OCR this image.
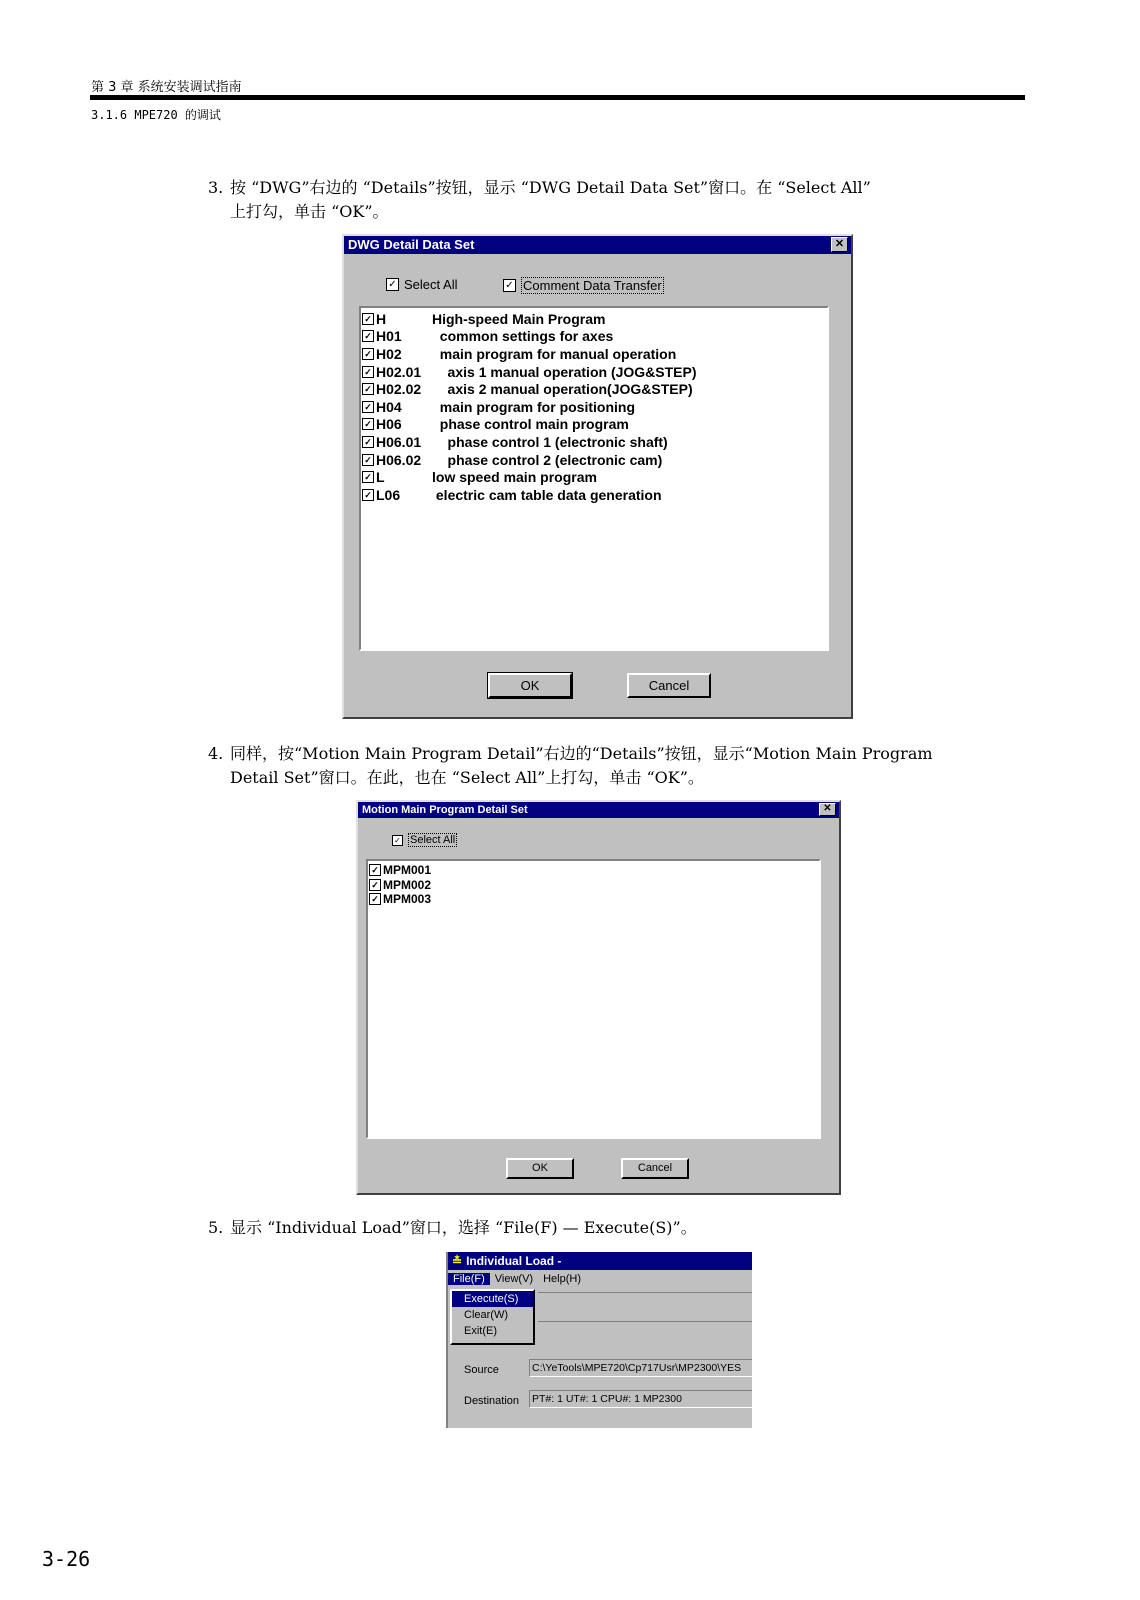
第 3 章 系统安装调试指南
3.1.6 MPE720 的调试
3. 按 “DWG”右边的 “Details”按钮，显示 “DWG Detail Data Set”窗口。在 “Select All”
上打勾，单击 “OK”。
DWG Detail Data Set	✕
✓ Select All	✓ Comment Data Transfer
✓ H	High-speed Main Program
✓ H01	common settings for axes
✓ H02	main program for manual operation
✓ H02.01 axis 1 manual operation (JOG&STEP)
✓ H02.02 axis 2 manual operation(JOG&STEP)
✓ H04	main program for positioning
✓ H06	phase control main program
✓ H06.01 phase control 1 (electronic shaft)
✓ H06.02 phase control 2 (electronic cam)
✓ L	low speed main program
✓ L06	electric cam table data generation
OK	Cancel
4. 同样，按“Motion Main Program Detail”右边的“Details”按钮，显示“Motion Main Program
Detail Set”窗口。在此，也在 “Select All”上打勾，单击 “OK”。
Motion Main Program Detail Set	✕
✓ Select All
✓ MPM001
✓ MPM002
✓ MPM003
OK	Cancel
5. 显示 “Individual Load”窗口，选择 “File(F) — Execute(S)”。
≛ Individual Load -
File(F) View(V) Help(H)
Execute(S)
Clear(W)
Exit(E)
Source	C:\YeTools\MPE720\Cp717Usr\MP2300\YES
Destination PT#: 1 UT#: 1 CPU#: 1 MP2300
3-26
